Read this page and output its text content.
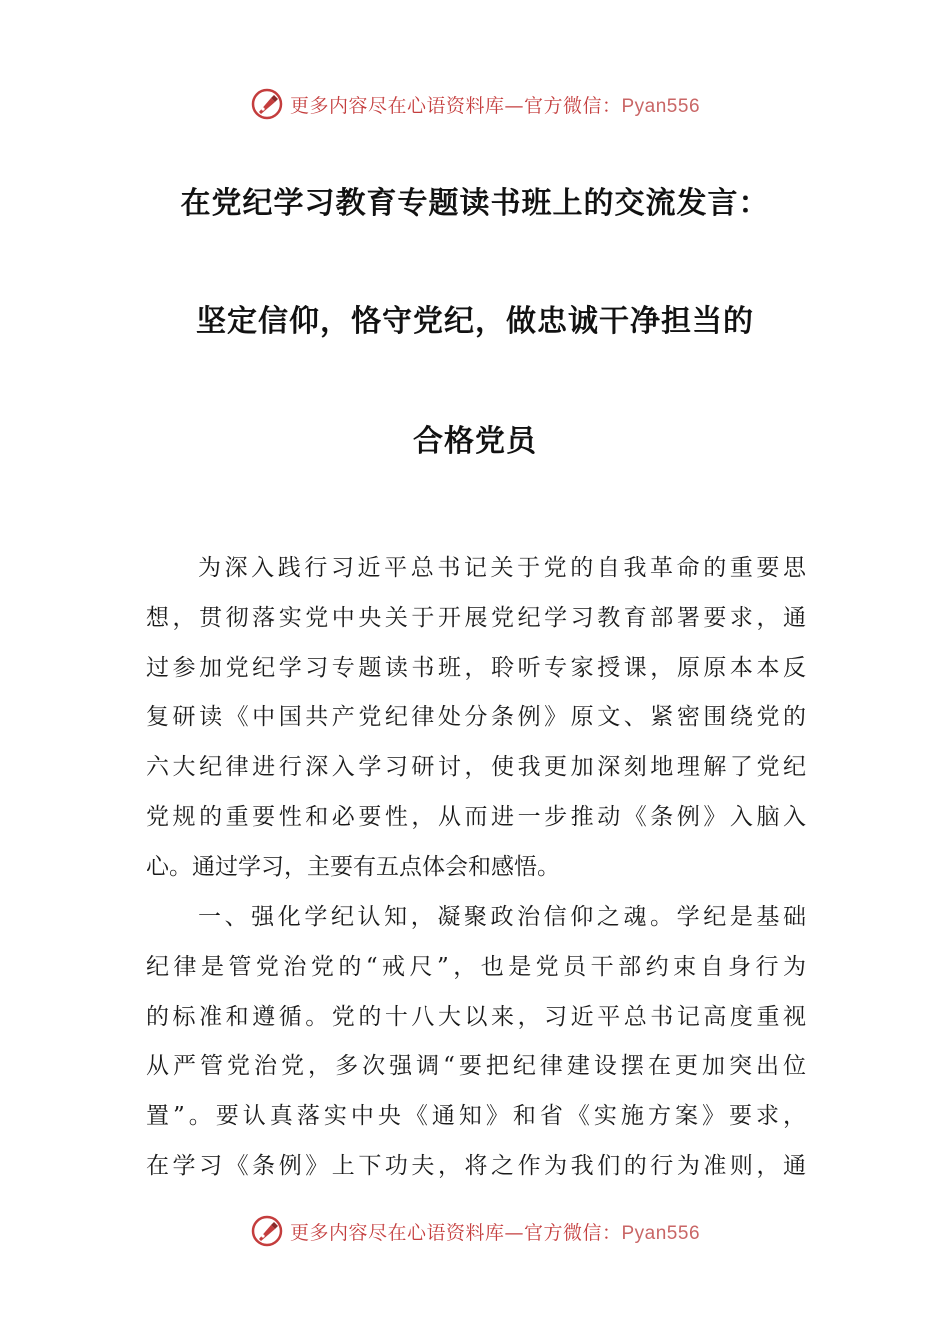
更多内容尽在心语资料库—官方微信：Pyan556
在党纪学习教育专题读书班上的交流发言：
坚定信仰，恪守党纪，做忠诚干净担当的
合格党员
为深入践行习近平总书记关于党的自我革命的重要思
想，贯彻落实党中央关于开展党纪学习教育部署要求，通
过参加党纪学习专题读书班，聆听专家授课，原原本本反
复研读《中国共产党纪律处分条例》原文、紧密围绕党的
六大纪律进行深入学习研讨，使我更加深刻地理解了党纪
党规的重要性和必要性，从而进一步推动《条例》入脑入
心。通过学习，主要有五点体会和感悟。
一、强化学纪认知，凝聚政治信仰之魂。学纪是基础
纪律是管党治党的“戒尺”，也是党员干部约束自身行为
的标准和遵循。党的十八大以来，习近平总书记高度重视
从严管党治党，多次强调“要把纪律建设摆在更加突出位
置”。要认真落实中央《通知》和省《实施方案》要求，
在学习《条例》上下功夫，将之作为我们的行为准则，通
更多内容尽在心语资料库—官方微信：Pyan556
